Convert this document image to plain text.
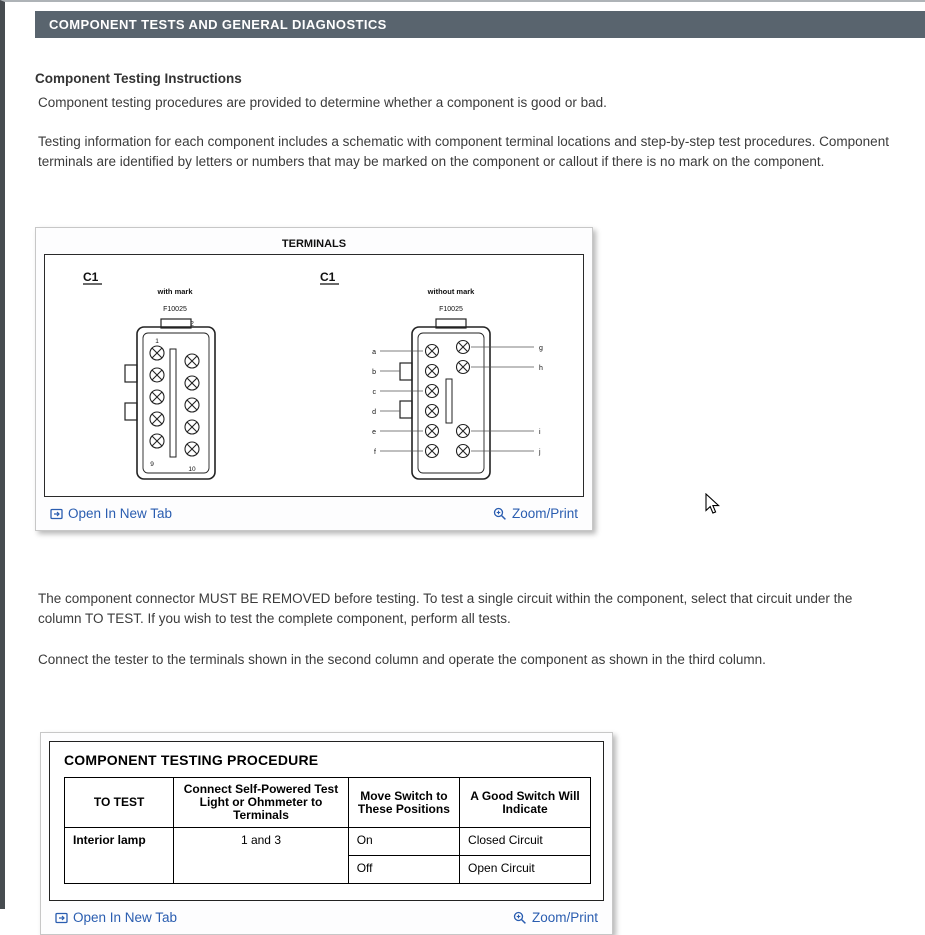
COMPONENT TESTS AND GENERAL DIAGNOSTICS
Component Testing Instructions

Component testing procedures are provided to determine whether a component is good or bad.

Testing information for each component includes a schematic with component terminal locations and step-by-step test procedures. Component terminals are identified by letters or numbers that may be marked on the component or callout if there is no mark on the component.

TERMINALS
C1
with mark
F10025
1
2
9
10
C1
without mark
F10025
a
b
c
d
e
f
g
h
i
j
Open In New Tab	Zoom/Print

The component connector MUST BE REMOVED before testing. To test a single circuit within the component, select that circuit under the column TO TEST. If you wish to test the complete component, perform all tests.

Connect the tester to the terminals shown in the second column and operate the component as shown in the third column.

COMPONENT TESTING PROCEDURE
TO TEST	Connect Self-Powered Test Light or Ohmmeter to Terminals	Move Switch to These Positions	A Good Switch Will Indicate
Interior lamp	1 and 3	On	Closed Circuit
		Off	Open Circuit
Open In New Tab	Zoom/Print
